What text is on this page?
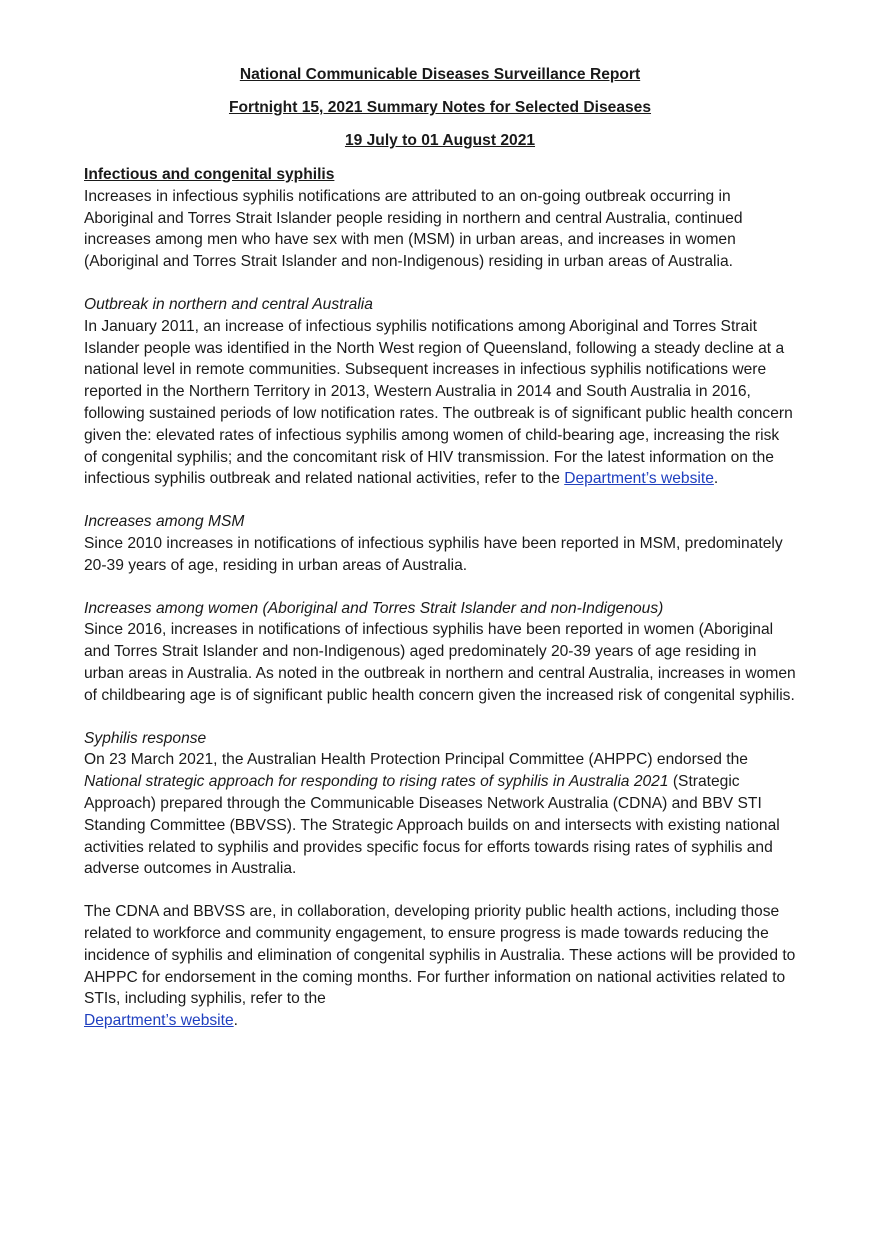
National Communicable Diseases Surveillance Report

Fortnight 15, 2021 Summary Notes for Selected Diseases

19 July to 01 August 2021

Infectious and congenital syphilis

Increases in infectious syphilis notifications are attributed to an on-going outbreak occurring in Aboriginal and Torres Strait Islander people residing in northern and central Australia, continued increases among men who have sex with men (MSM) in urban areas, and increases in women (Aboriginal and Torres Strait Islander and non-Indigenous) residing in urban areas of Australia.

Outbreak in northern and central Australia

In January 2011, an increase of infectious syphilis notifications among Aboriginal and Torres Strait Islander people was identified in the North West region of Queensland, following a steady decline at a national level in remote communities. Subsequent increases in infectious syphilis notifications were reported in the Northern Territory in 2013, Western Australia in 2014 and South Australia in 2016, following sustained periods of low notification rates. The outbreak is of significant public health concern given the: elevated rates of infectious syphilis among women of child-bearing age, increasing the risk of congenital syphilis; and the concomitant risk of HIV transmission. For the latest information on the infectious syphilis outbreak and related national activities, refer to the Department’s website.

Increases among MSM

Since 2010 increases in notifications of infectious syphilis have been reported in MSM, predominately 20-39 years of age, residing in urban areas of Australia.

Increases among women (Aboriginal and Torres Strait Islander and non-Indigenous)

Since 2016, increases in notifications of infectious syphilis have been reported in women (Aboriginal and Torres Strait Islander and non-Indigenous) aged predominately 20-39 years of age residing in urban areas in Australia. As noted in the outbreak in northern and central Australia, increases in women of childbearing age is of significant public health concern given the increased risk of congenital syphilis.

Syphilis response

On 23 March 2021, the Australian Health Protection Principal Committee (AHPPC) endorsed the National strategic approach for responding to rising rates of syphilis in Australia 2021 (Strategic Approach) prepared through the Communicable Diseases Network Australia (CDNA) and BBV STI Standing Committee (BBVSS). The Strategic Approach builds on and intersects with existing national activities related to syphilis and provides specific focus for efforts towards rising rates of syphilis and adverse outcomes in Australia.

The CDNA and BBVSS are, in collaboration, developing priority public health actions, including those related to workforce and community engagement, to ensure progress is made towards reducing the incidence of syphilis and elimination of congenital syphilis in Australia. These actions will be provided to AHPPC for endorsement in the coming months. For further information on national activities related to STIs, including syphilis, refer to the
Department’s website.
